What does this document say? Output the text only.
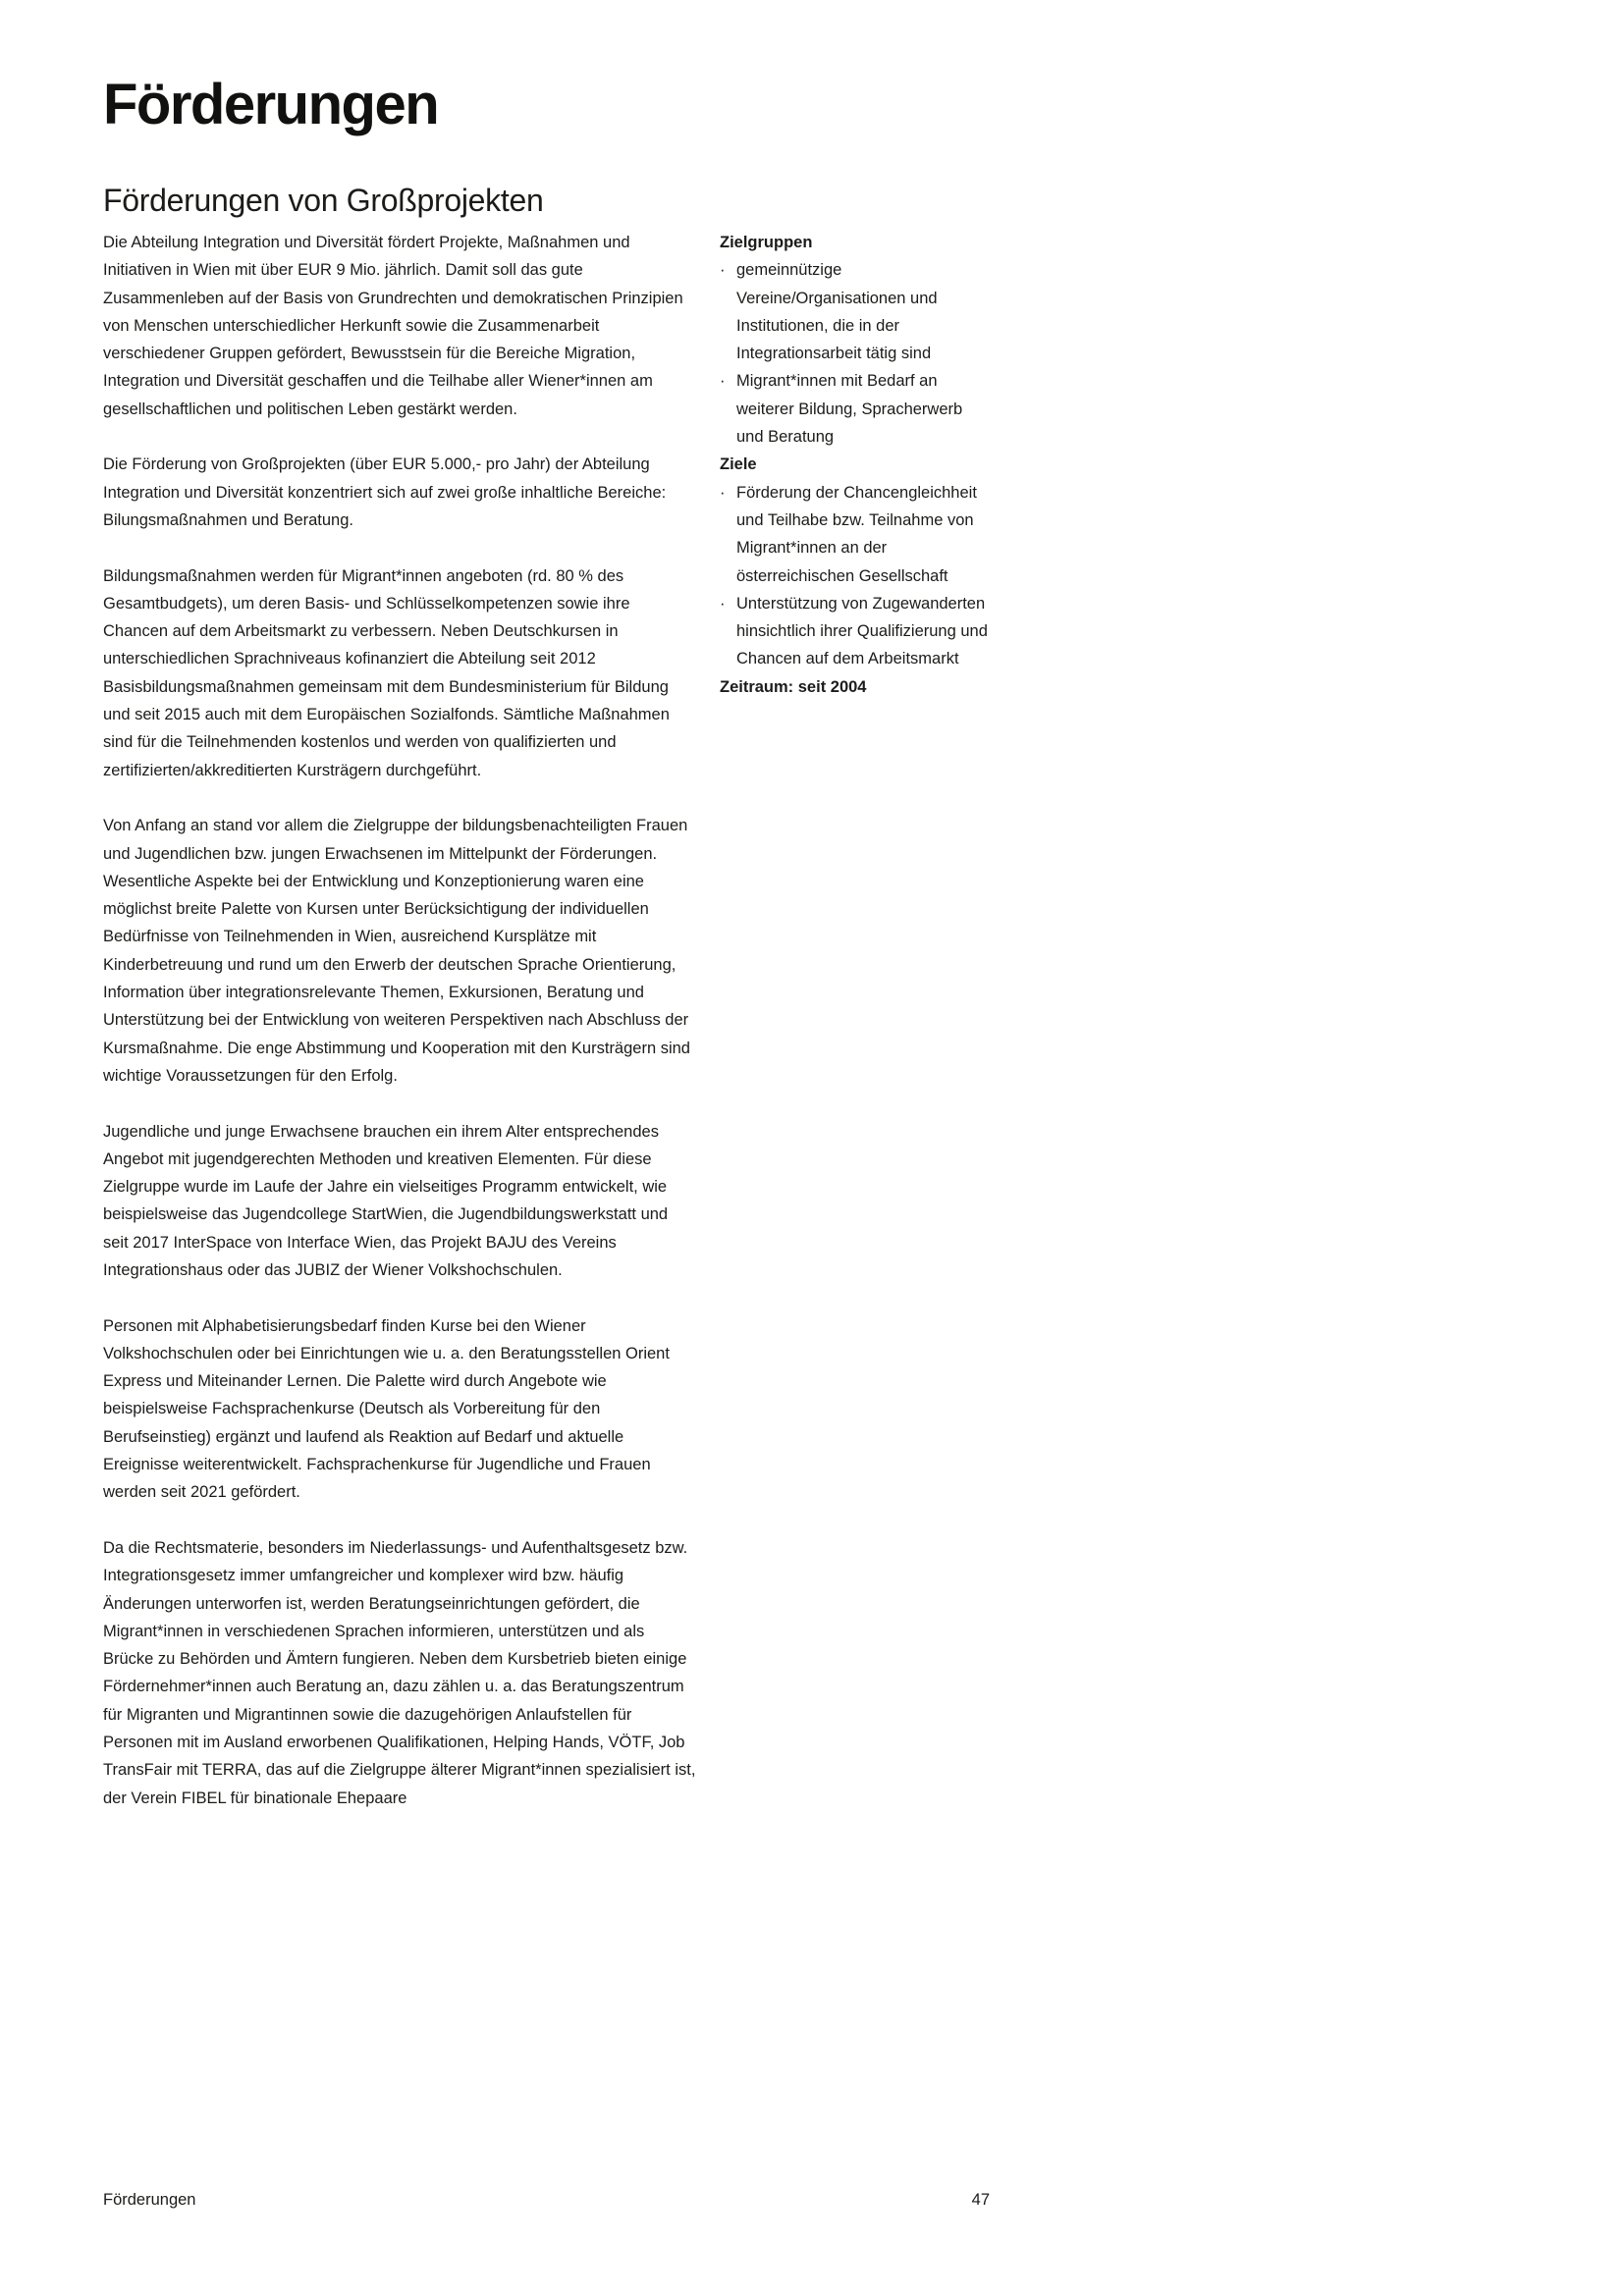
Förderungen
Förderungen von Großprojekten

Die Abteilung Integration und Diversität fördert Projekte, Maßnahmen und Initiativen in Wien mit über EUR 9 Mio. jährlich. Damit soll das gute Zusammenleben auf der Basis von Grundrechten und demokratischen Prinzipien von Menschen unterschiedlicher Herkunft sowie die Zusammenarbeit verschiedener Gruppen gefördert, Bewusstsein für die Bereiche Migration, Integration und Diversität geschaffen und die Teilhabe aller Wiener*innen am gesellschaftlichen und politischen Leben gestärkt werden.

Die Förderung von Großprojekten (über EUR 5.000,- pro Jahr) der Abteilung Integration und Diversität konzentriert sich auf zwei große inhaltliche Bereiche: Bilungsmaßnahmen und Beratung.

Bildungsmaßnahmen werden für Migrant*innen angeboten (rd. 80 % des Gesamtbudgets), um deren Basis- und Schlüsselkompetenzen sowie ihre Chancen auf dem Arbeitsmarkt zu verbessern. Neben Deutschkursen in unterschiedlichen Sprachniveaus kofinanziert die Abteilung seit 2012 Basisbildungsmaßnahmen gemeinsam mit dem Bundesministerium für Bildung und seit 2015 auch mit dem Europäischen Sozialfonds. Sämtliche Maßnahmen sind für die Teilnehmenden kostenlos und werden von qualifizierten und zertifizierten/akkreditierten Kursträgern durchgeführt.

Von Anfang an stand vor allem die Zielgruppe der bildungsbenachteiligten Frauen und Jugendlichen bzw. jungen Erwachsenen im Mittelpunkt der Förderungen. Wesentliche Aspekte bei der Entwicklung und Konzeptionierung waren eine möglichst breite Palette von Kursen unter Berücksichtigung der individuellen Bedürfnisse von Teilnehmenden in Wien, ausreichend Kursplätze mit Kinderbetreuung und rund um den Erwerb der deutschen Sprache Orientierung, Information über integrationsrelevante Themen, Exkursionen, Beratung und Unterstützung bei der Entwicklung von weiteren Perspektiven nach Abschluss der Kursmaßnahme. Die enge Abstimmung und Kooperation mit den Kursträgern sind wichtige Voraussetzungen für den Erfolg.

Jugendliche und junge Erwachsene brauchen ein ihrem Alter entsprechendes Angebot mit jugendgerechten Methoden und kreativen Elementen. Für diese Zielgruppe wurde im Laufe der Jahre ein vielseitiges Programm entwickelt, wie beispielsweise das Jugendcollege StartWien, die Jugendbildungswerkstatt und seit 2017 InterSpace von Interface Wien, das Projekt BAJU des Vereins Integrationshaus oder das JUBIZ der Wiener Volkshochschulen.

Personen mit Alphabetisierungsbedarf finden Kurse bei den Wiener Volkshochschulen oder bei Einrichtungen wie u. a. den Beratungsstellen Orient Express und Miteinander Lernen. Die Palette wird durch Angebote wie beispielsweise Fachsprachenkurse (Deutsch als Vorbereitung für den Berufseinstieg) ergänzt und laufend als Reaktion auf Bedarf und aktuelle Ereignisse weiterentwickelt. Fachsprachenkurse für Jugendliche und Frauen werden seit 2021 gefördert.

Da die Rechtsmaterie, besonders im Niederlassungs- und Aufenthaltsgesetz bzw. Integrationsgesetz immer umfangreicher und komplexer wird bzw. häufig Änderungen unterworfen ist, werden Beratungseinrichtungen gefördert, die Migrant*innen in verschiedenen Sprachen informieren, unterstützen und als Brücke zu Behörden und Ämtern fungieren. Neben dem Kursbetrieb bieten einige Fördernehmer*innen auch Beratung an, dazu zählen u. a. das Beratungszentrum für Migranten und Migrantinnen sowie die dazugehörigen Anlaufstellen für Personen mit im Ausland erworbenen Qualifikationen, Helping Hands, VÖTF, Job TransFair mit TERRA, das auf die Zielgruppe älterer Migrant*innen spezialisiert ist, der Verein FIBEL für binationale Ehepaare

Zielgruppen
· gemeinnützige Vereine/Organisationen und Institutionen, die in der Integrationsarbeit tätig sind
· Migrant*innen mit Bedarf an weiterer Bildung, Spracherwerb und Beratung
Ziele
· Förderung der Chancengleichheit und Teilhabe bzw. Teilnahme von Migrant*innen an der österreichischen Gesellschaft
· Unterstützung von Zugewanderten hinsichtlich ihrer Qualifizierung und Chancen auf dem Arbeitsmarkt
Zeitraum: seit 2004
Förderungen	47
